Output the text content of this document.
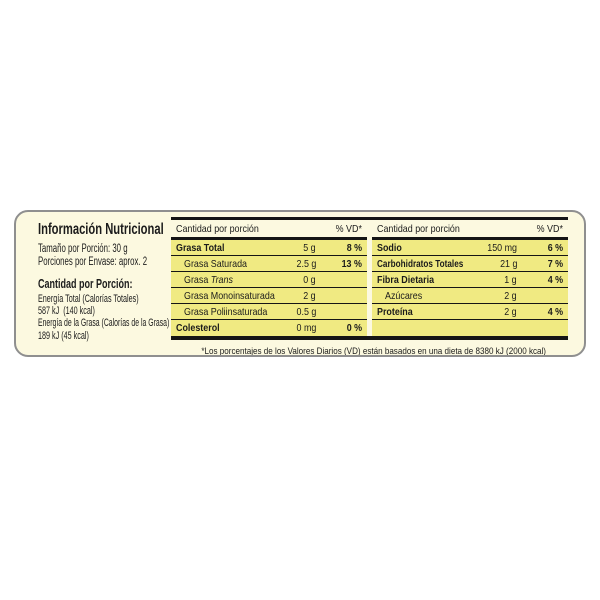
Información Nutricional
Tamaño por Porción: 30 g
Porciones por Envase: aprox. 2
Cantidad por Porción:
Energía Total (Calorías Totales)
587 kJ  (140 kcal)
Energía de la Grasa (Calorías de la Grasa)
189 kJ (45 kcal)
Cantidad por porción	% VD*
Grasa Total	5 g	8 %
Grasa Saturada	2.5 g	13 %
Grasa Trans	0 g
Grasa Monoinsaturada	2 g
Grasa Poliinsaturada	0.5 g
Colesterol	0 mg	0 %
Cantidad por porción	% VD*
Sodio	150 mg	6 %
Carbohidratos Totales	21 g	7 %
Fibra Dietaria	1 g	4 %
Azúcares	2 g
Proteína	2 g	4 %
*Los porcentajes de los Valores Diarios (VD) están basados en una dieta de 8380 kJ (2000 kcal)
